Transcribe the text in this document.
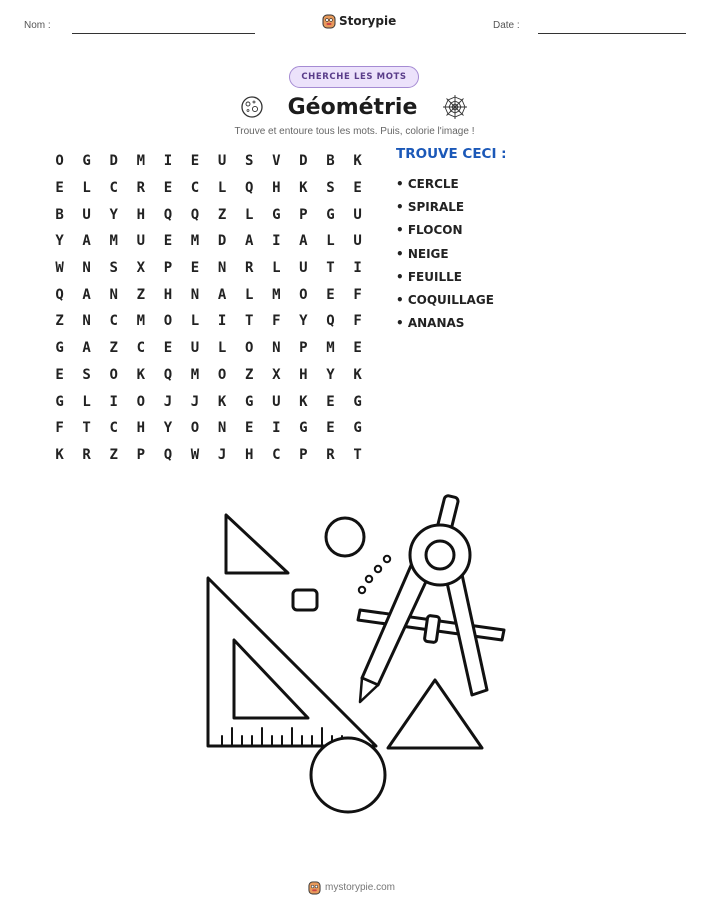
Nom :	Storypie	Date :
CHERCHE LES MOTS
Géométrie
Trouve et entoure tous les mots. Puis, colorie l'image !
O	G	D	M	I	E	U	S	V	D	B	K
E	L	C	R	E	C	L	Q	H	K	S	E
B	U	Y	H	Q	Q	Z	L	G	P	G	U
Y	A	M	U	E	M	D	A	I	A	L	U
W	N	S	X	P	E	N	R	L	U	T	I
Q	A	N	Z	H	N	A	L	M	O	E	F
Z	N	C	M	O	L	I	T	F	Y	Q	F
G	A	Z	C	E	U	L	O	N	P	M	E
E	S	O	K	Q	M	O	Z	X	H	Y	K
G	L	I	O	J	J	K	G	U	K	E	G
F	T	C	H	Y	O	N	E	I	G	E	G
K	R	Z	P	Q	W	J	H	C	P	R	T
TROUVE CECI :
• CERCLE
• SPIRALE
• FLOCON
• NEIGE
• FEUILLE
• COQUILLAGE
• ANANAS
mystorypie.com
